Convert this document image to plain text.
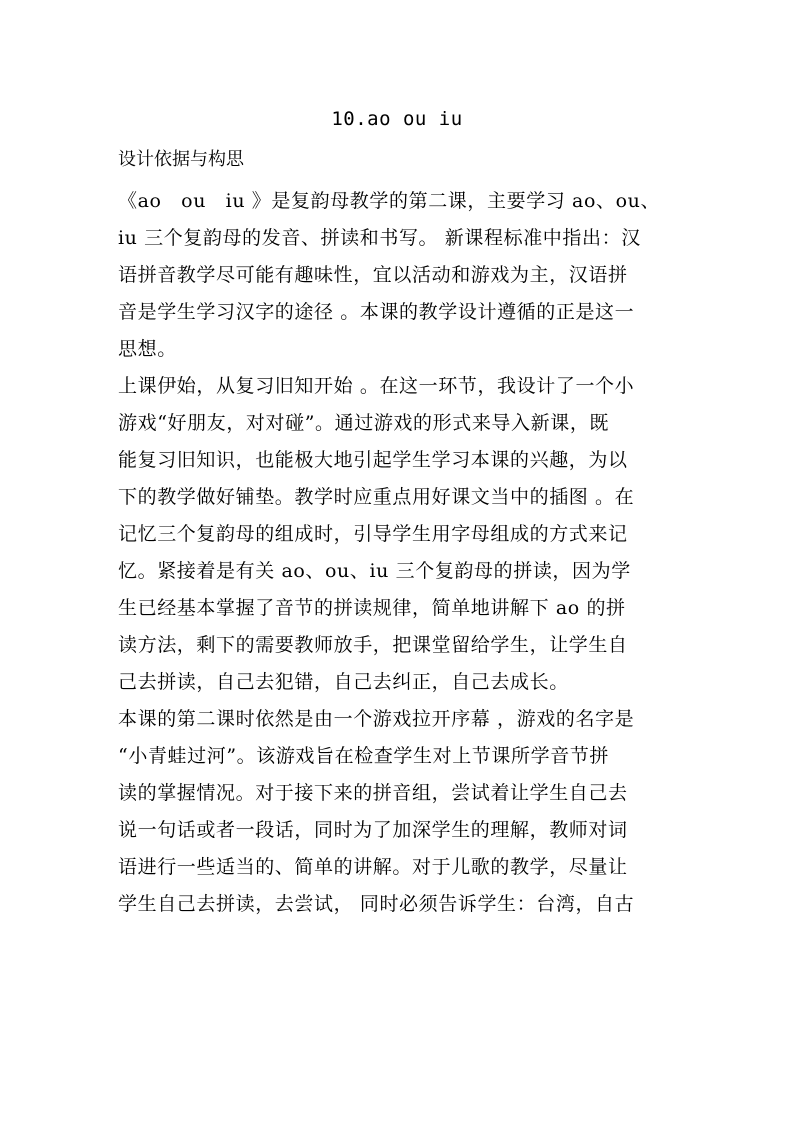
10.ao ou iu
设计依据与构思
《ao　ou　iu 》是复韵母教学的第二课，主要学习 ao、ou、
iu 三个复韵母的发音、拼读和书写。 新课程标准中指出：汉
语拼音教学尽可能有趣味性，宜以活动和游戏为主，汉语拼
音是学生学习汉字的途径 。本课的教学设计遵循的正是这一
思想。
上课伊始，从复习旧知开始 。在这一环节，我设计了一个小
游戏“好朋友，对对碰”。通过游戏的形式来导入新课，既
能复习旧知识，也能极大地引起学生学习本课的兴趣，为以
下的教学做好铺垫。教学时应重点用好课文当中的插图 。在
记忆三个复韵母的组成时，引导学生用字母组成的方式来记
忆。紧接着是有关 ao、ou、iu 三个复韵母的拼读，因为学
生已经基本掌握了音节的拼读规律，简单地讲解下 ao 的拼
读方法，剩下的需要教师放手，把课堂留给学生，让学生自
己去拼读，自己去犯错，自己去纠正，自己去成长。
本课的第二课时依然是由一个游戏拉开序幕 ，游戏的名字是
“小青蛙过河”。该游戏旨在检查学生对上节课所学音节拼
读的掌握情况。对于接下来的拼音组，尝试着让学生自己去
说一句话或者一段话，同时为了加深学生的理解，教师对词
语进行一些适当的、简单的讲解。对于儿歌的教学，尽量让
学生自己去拼读，去尝试， 同时必须告诉学生：台湾，自古
